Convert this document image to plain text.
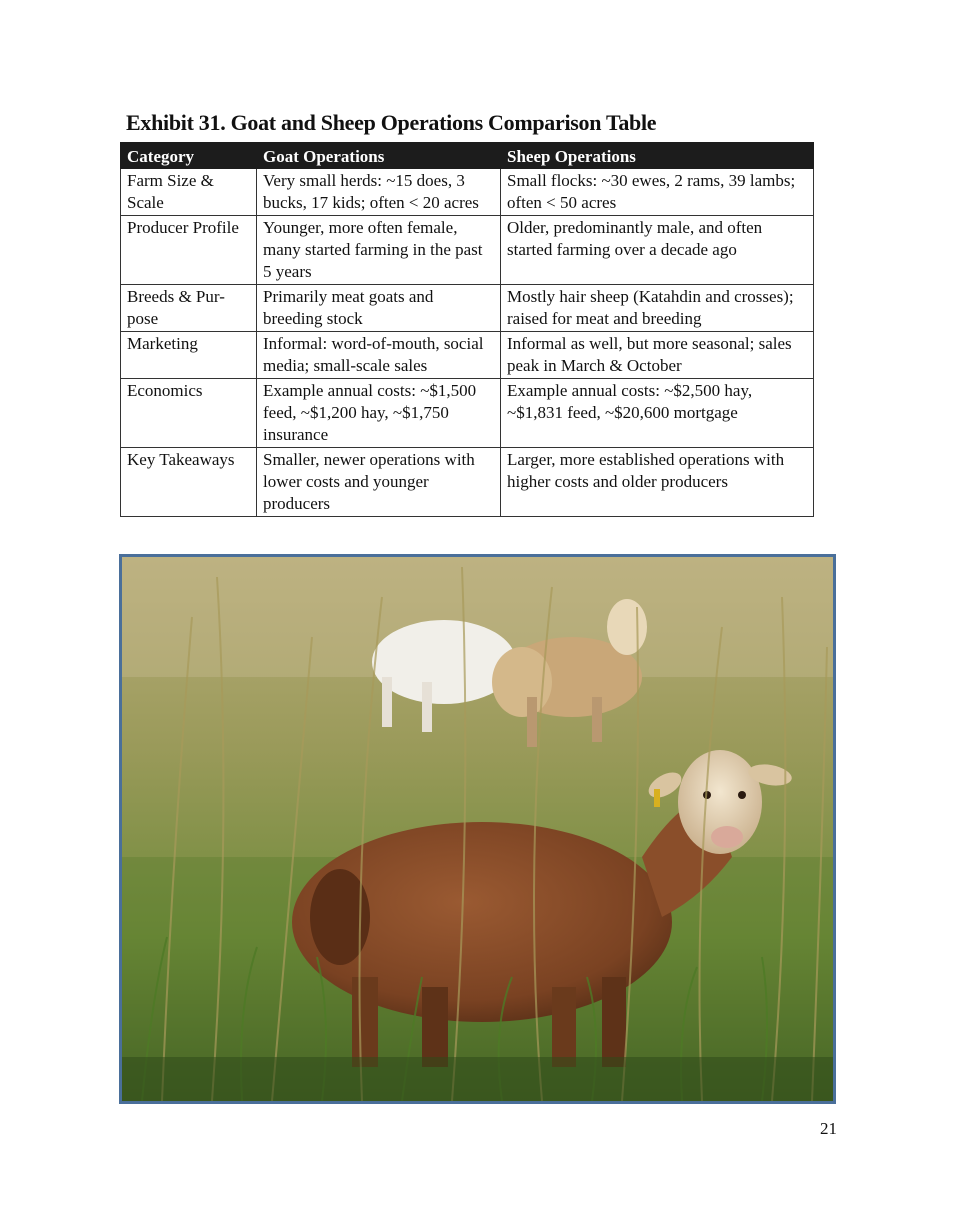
Exhibit 31. Goat and Sheep Operations Comparison Table
Category	Goat Operations	Sheep Operations
Farm Size & Scale	Very small herds: ~15 does, 3 bucks, 17 kids; often < 20 acres	Small flocks: ~30 ewes, 2 rams, 39 lambs; often < 50 acres
Producer Profile	Younger, more often female, many started farming in the past 5 years	Older, predominantly male, and often started farming over a decade ago
Breeds & Pur-pose	Primarily meat goats and breeding stock	Mostly hair sheep (Katahdin and crosses); raised for meat and breeding
Marketing	Informal: word-of-mouth, social media; small-scale sales	Informal as well, but more seasonal; sales peak in March & October
Economics	Example annual costs: ~$1,500 feed, ~$1,200 hay, ~$1,750 insurance	Example annual costs: ~$2,500 hay, ~$1,831 feed, ~$20,600 mortgage
Key Takeaways	Smaller, newer operations with lower costs and younger producers	Larger, more established operations with higher costs and older producers
21
